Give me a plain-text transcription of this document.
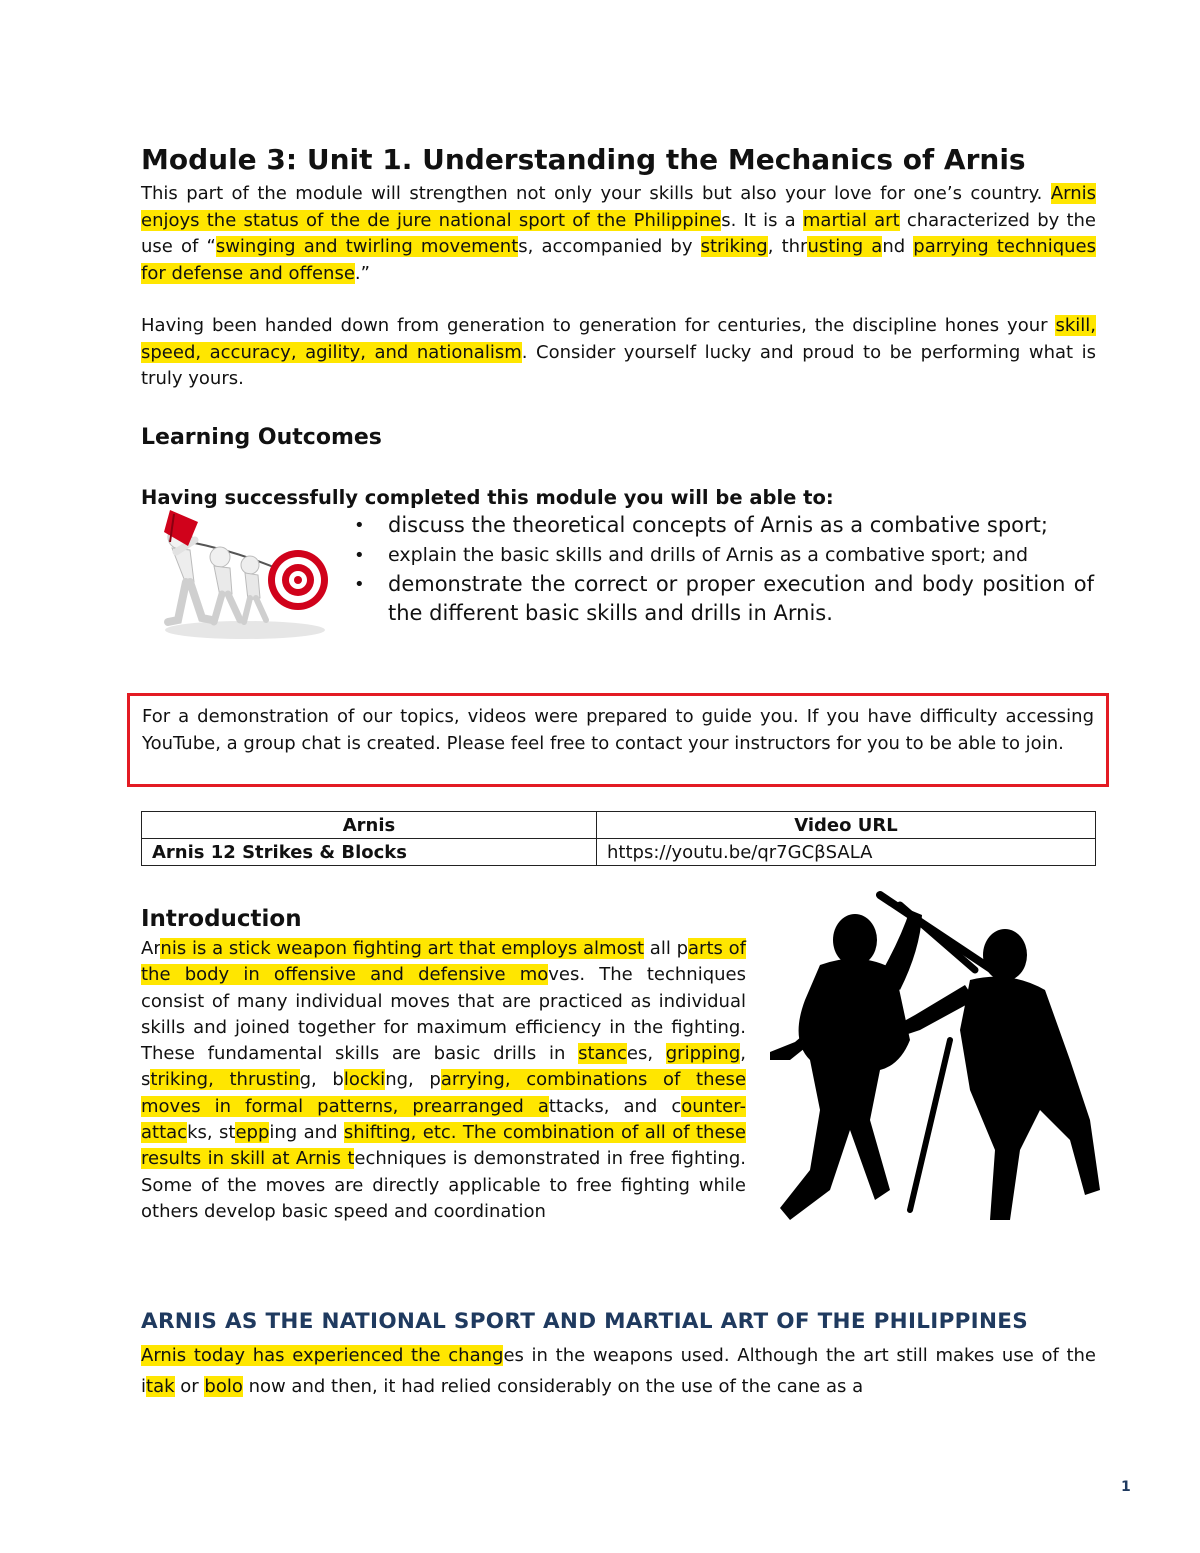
Module 3: Unit 1. Understanding the Mechanics of Arnis
This part of the module will strengthen not only your skills but also your love for one’s country. Arnis enjoys the status of the de jure national sport of the Philippines. It is a martial art characterized by the use of “swinging and twirling movements, accompanied by striking, thrusting and parrying techniques for defense and offense.”
Having been handed down from generation to generation for centuries, the discipline hones your skill, speed, accuracy, agility, and nationalism. Consider yourself lucky and proud to be performing what is truly yours.
Learning Outcomes
Having successfully completed this module you will be able to:
• discuss the theoretical concepts of Arnis as a combative sport;
• explain the basic skills and drills of Arnis as a combative sport; and
• demonstrate the correct or proper execution and body position of the different basic skills and drills in Arnis.
For a demonstration of our topics, videos were prepared to guide you. If you have difficulty accessing YouTube, a group chat is created. Please feel free to contact your instructors for you to be able to join.
Arnis	Video URL
Arnis 12 Strikes & Blocks	https://youtu.be/qr7GCβSALA
Introduction
Arnis is a stick weapon fighting art that employs almost all parts of the body in offensive and defensive moves. The techniques consist of many individual moves that are practiced as individual skills and joined together for maximum efficiency in the fighting. These fundamental skills are basic drills in stances, gripping, striking, thrusting, blocking, parrying, combinations of these moves in formal patterns, prearranged attacks, and counter-attacks, stepping and shifting, etc. The combination of all of these results in skill at Arnis techniques is demonstrated in free fighting. Some of the moves are directly applicable to free fighting while others develop basic speed and coordination
ARNIS AS THE NATIONAL SPORT AND MARTIAL ART OF THE PHILIPPINES
Arnis today has experienced the changes in the weapons used. Although the art still makes use of the itak or bolo now and then, it had relied considerably on the use of the cane as a
1
